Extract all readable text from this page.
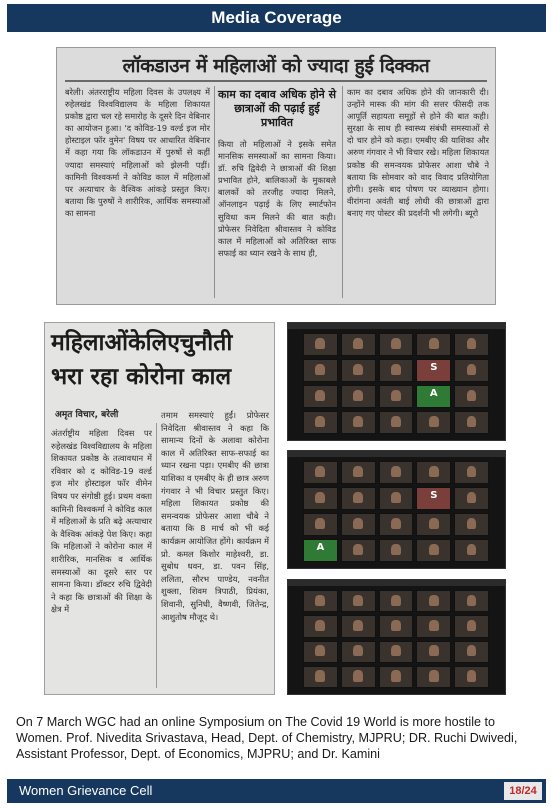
Media Coverage
लॉकडाउन में महिलाओं को ज्यादा हुई दिक्कत
बरेली। अंतरराष्ट्रीय महिला दिवस के उपलक्ष्य में रुहेलखंड विश्वविद्यालय के महिला शिकायत प्रकोष्ठ द्वारा चल रहे समारोह के दूसरे दिन वेबिनार का आयोजन हुआ। 'द कोविड-19 वर्ल्ड इज मोर होस्टाइल फॉर वुमेन' विषय पर आधारित वेबिनार में कहा गया कि लॉकडाउन में पुरुषों से कहीं ज्यादा समस्याएं महिलाओं को झेलनी पड़ीं। कामिनी विश्वकर्मा ने कोविड काल में महिलाओं पर अत्याचार के वैश्विक आंकड़े प्रस्तुत किए। बताया कि पुरुषों ने शारीरिक, आर्थिक समस्याओं का सामना
काम का दबाव अधिक होने से छात्राओं की पढ़ाई हुई प्रभावित
किया तो महिलाओं ने इसके समेत मानसिक समस्याओं का सामना किया। डॉ. रुचि द्विवेदी ने छात्राओं की शिक्षा प्रभावित होने, बालिकाओं के मुकाबले बालकों को तरजीह ज्यादा मिलने, ऑनलाइन पढ़ाई के लिए स्मार्टफोन सुविधा कम मिलने की बात कही। प्रोफेसर निवेदिता श्रीवास्तव ने कोविड काल में महिलाओं को अतिरिक्त साफ सफाई का ध्यान रखने के साथ ही,
काम का दबाव अधिक होने की जानकारी दी। उन्होंने मास्क की मांग की सत्तर फीसदी तक आपूर्ति सहायता समूहों से होने की बात कही। सुरक्षा के साथ ही स्वास्थ्य संबंधी समस्याओं से दो चार होने को कहा। एमबीए की याशिका और अरुण गंगवार ने भी विचार रखे। महिला शिकायत प्रकोष्ठ की समन्वयक प्रोफेसर आशा चौबे ने बताया कि सोमवार को वाद विवाद प्रतियोगिता होगी। इसके बाद पोषण पर व्याख्यान होगा। वीरांगना अवंती बाई लोधी की छात्राओं द्वारा बनाए गए पोस्टर की प्रदर्शनी भी लगेगी। ब्यूरो
महिलाओंकेलिएचुनौती भरा रहा कोरोना काल
अमृत विचार, बरेली
अंतर्राष्ट्रीय महिला दिवस पर रुहेलखंड विश्वविद्यालय के महिला शिकायत प्रकोष्ठ के तत्वावधान में रविवार को द कोविड-19 वर्ल्ड इज मोर होस्टाइल फॉर वीमेन विषय पर संगोष्ठी हुई। प्रथम वक्ता कामिनी विश्वकर्मा ने कोविड काल में महिलाओं के प्रति बढ़े अत्याचार के वैश्विक आंकड़े पेश किए। कहा कि महिलाओं ने कोरोना काल में शारीरिक, मानसिक व आर्थिक समस्याओं का दूसरे स्तर पर सामना किया। डॉक्टर रुचि द्विवेदी ने कहा कि छात्राओं की शिक्षा के क्षेत्र में
तमाम समस्याएं हुईं। प्रोफेसर निवेदिता श्रीवास्तव ने कहा कि सामान्य दिनों के अलावा कोरोना काल में अतिरिक्त साफ-सफाई का ध्यान रखना पड़ा। एमबीए की छात्रा याशिका व एमबीए के ही छात्र अरुण गंगवार ने भी विचार प्रस्तुत किए। महिला शिकायत प्रकोष्ठ की समन्वयक प्रोफेसर आशा चौबे ने बताया कि 8 मार्च को भी कई कार्यक्रम आयोजित होंगे। कार्यक्रम में प्रो. कमल किशोर माहेश्वरी, डा. सुबोध धवन, डा. पवन सिंह, ललिता, सौरभ पाण्डेय, नवनीत शुक्ला, शिवम त्रिपाठी, प्रियंका, शिवानी, सुनिधी, वैष्णवी, जितेन्द्र, आशुतोष मौजूद थे।
S
A
S
A
On 7 March WGC had an online Symposium on The Covid 19 World is more hostile to Women. Prof. Nivedita Srivastava, Head, Dept. of Chemistry, MJPRU; DR. Ruchi Dwivedi, Assistant Professor, Dept. of Economics, MJPRU; and Dr. Kamini
Women Grievance Cell	18/24
